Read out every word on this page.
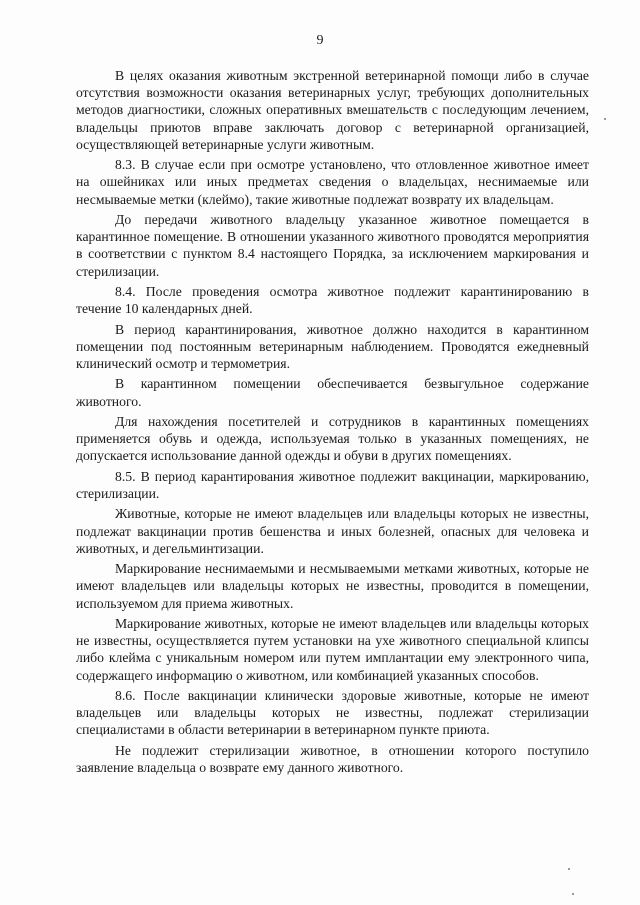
9

В целях оказания животным экстренной ветеринарной помощи либо в случае отсутствия возможности оказания ветеринарных услуг, требующих дополнительных методов диагностики, сложных оперативных вмешательств с последующим лечением, владельцы приютов вправе заключать договор с ветеринарной организацией, осуществляющей ветеринарные услуги животным.

8.3. В случае если при осмотре установлено, что отловленное животное имеет на ошейниках или иных предметах сведения о владельцах, неснимаемые или несмываемые метки (клеймо), такие животные подлежат возврату их владельцам.

До передачи животного владельцу указанное животное помещается в карантинное помещение. В отношении указанного животного проводятся мероприятия в соответствии с пунктом 8.4 настоящего Порядка, за исключением маркирования и стерилизации.

8.4. После проведения осмотра животное подлежит карантинированию в течение 10 календарных дней.

В период карантинирования, животное должно находится в карантинном помещении под постоянным ветеринарным наблюдением. Проводятся ежедневный клинический осмотр и термометрия.

В карантинном помещении обеспечивается безвыгульное содержание животного.

Для нахождения посетителей и сотрудников в карантинных помещениях применяется обувь и одежда, используемая только в указанных помещениях, не допускается использование данной одежды и обуви в других помещениях.

8.5. В период карантирования животное подлежит вакцинации, маркированию, стерилизации.

Животные, которые не имеют владельцев или владельцы которых не известны, подлежат вакцинации против бешенства и иных болезней, опасных для человека и животных, и дегельминтизации.

Маркирование неснимаемыми и несмываемыми метками животных, которые не имеют владельцев или владельцы которых не известны, проводится в помещении, используемом для приема животных.

Маркирование животных, которые не имеют владельцев или владельцы которых не известны, осуществляется путем установки на ухе животного специальной клипсы либо клейма с уникальным номером или путем имплантации ему электронного чипа, содержащего информацию о животном, или комбинацией указанных способов.

8.6. После вакцинации клинически здоровые животные, которые не имеют владельцев или владельцы которых не известны, подлежат стерилизации специалистами в области ветеринарии в ветеринарном пункте приюта.

Не подлежит стерилизации животное, в отношении которого поступило заявление владельца о возврате ему данного животного.
